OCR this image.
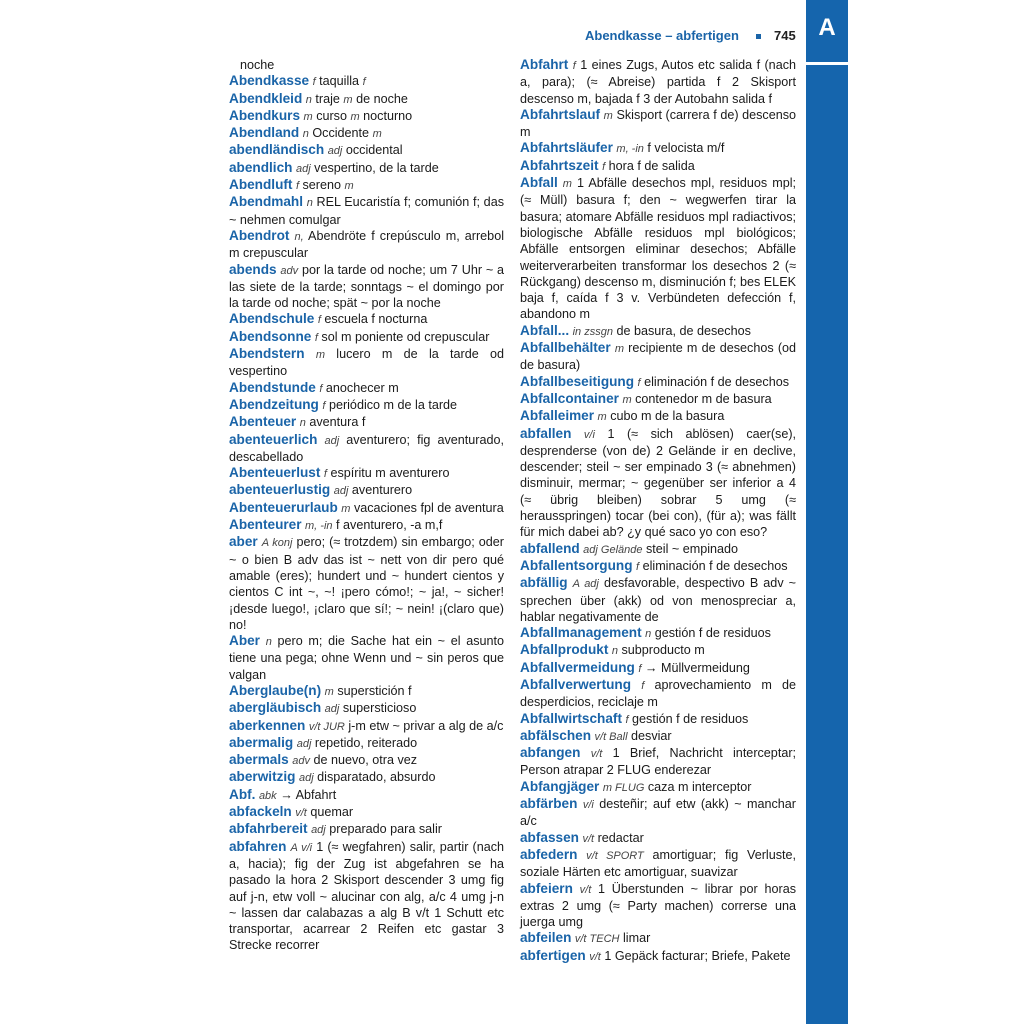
Abendkasse – abfertigen	745 A

noche

Abendkasse f taquilla f

Abendkleid n traje m de noche

Abendkurs m curso m nocturno

Abendland n Occidente m

abendländisch adj occidental

abendlich adj vespertino, de la tarde

Abendluft f sereno m

Abendmahl n REL Eucaristía f; comunión f; das ~ nehmen comulgar

Abendrot n, Abendröte f crepúsculo m, arrebol m crepuscular

abends adv por la tarde od noche; um 7 Uhr ~ a las siete de la tarde; sonntags ~ el domingo por la tarde od noche; spät ~ por la noche

Abendschule f escuela f nocturna

Abendsonne f sol m poniente od crepuscular

Abendstern m lucero m de la tarde od vespertino

Abendstunde f anochecer m

Abendzeitung f periódico m de la tarde

Abenteuer n aventura f

abenteuerlich adj aventurero; fig aventurado, descabellado

Abenteuerlust f espíritu m aventurero

abenteuerlustig adj aventurero

Abenteuerurlaub m vacaciones fpl de aventura

Abenteurer m, -in f aventurero, -a m,f

aber A konj pero; (≈ trotzdem) sin embargo; oder ~ o bien B adv das ist ~ nett von dir pero qué amable (eres); hundert und ~ hundert cientos y cientos C int ~, ~! ¡pero cómo!; ~ ja!, ~ sicher! ¡desde luego!, ¡claro que sí!; ~ nein! ¡(claro que) no!

Aber n pero m; die Sache hat ein ~ el asunto tiene una pega; ohne Wenn und ~ sin peros que valgan

Aberglaube(n) m superstición f

abergläubisch adj supersticioso

aberkennen v/t JUR j-m etw ~ privar a alg de a/c

abermalig adj repetido, reiterado

abermals adv de nuevo, otra vez

aberwitzig adj disparatado, absurdo

Abf. abk → Abfahrt

abfackeln v/t quemar

abfahrbereit adj preparado para salir

abfahren A v/i 1 (≈ wegfahren) salir, partir (nach a, hacia); fig der Zug ist abgefahren se ha pasado la hora 2 Skisport descender 3 umg fig auf j-n, etw voll ~ alucinar con alg, a/c 4 umg j-n ~ lassen dar calabazas a alg B v/t 1 Schutt etc transportar, acarrear 2 Reifen etc gastar 3 Strecke recorrer

Abfahrt f 1 eines Zugs, Autos etc salida f (nach a, para); (≈ Abreise) partida f 2 Skisport descenso m, bajada f 3 der Autobahn salida f

Abfahrtslauf m Skisport (carrera f de) descenso m

Abfahrtsläufer m, -in f velocista m/f

Abfahrtszeit f hora f de salida

Abfall m 1 Abfälle desechos mpl, residuos mpl; (≈ Müll) basura f; den ~ wegwerfen tirar la basura; atomare Abfälle residuos mpl radiactivos; biologische Abfälle residuos mpl biológicos; Abfälle entsorgen eliminar desechos; Abfälle weiterverarbeiten transformar los desechos 2 (≈ Rückgang) descenso m, disminución f; bes ELEK baja f, caída f 3 v. Verbündeten defección f, abandono m

Abfall... in zssgn de basura, de desechos

Abfallbehälter m recipiente m de desechos (od de basura)

Abfallbeseitigung f eliminación f de desechos

Abfallcontainer m contenedor m de basura

Abfalleimer m cubo m de la basura

abfallen v/i 1 (≈ sich ablösen) caer(se), desprenderse (von de) 2 Gelände ir en declive, descender; steil ~ ser empinado 3 (≈ abnehmen) disminuir, mermar; ~ gegenüber ser inferior a 4 (≈ übrig bleiben) sobrar 5 umg (≈ herausspringen) tocar (bei con), (für a); was fällt für mich dabei ab? ¿y qué saco yo con eso?

abfallend adj Gelände steil ~ empinado

Abfallentsorgung f eliminación f de desechos

abfällig A adj desfavorable, despectivo B adv ~ sprechen über (akk) od von menospreciar a, hablar negativamente de

Abfallmanagement n gestión f de residuos

Abfallprodukt n subproducto m

Abfallvermeidung f → Müllvermeidung

Abfallverwertung f aprovechamiento m de desperdicios, reciclaje m

Abfallwirtschaft f gestión f de residuos

abfälschen v/t Ball desviar

abfangen v/t 1 Brief, Nachricht interceptar; Person atrapar 2 FLUG enderezar

Abfangjäger m FLUG caza m interceptor

abfärben v/i desteñir; auf etw (akk) ~ manchar a/c

abfassen v/t redactar

abfedern v/t SPORT amortiguar; fig Verluste, soziale Härten etc amortiguar, suavizar

abfeiern v/t 1 Überstunden ~ librar por horas extras 2 umg (≈ Party machen) correrse una juerga umg

abfeilen v/t TECH limar

abfertigen v/t 1 Gepäck facturar; Briefe, Pakete
